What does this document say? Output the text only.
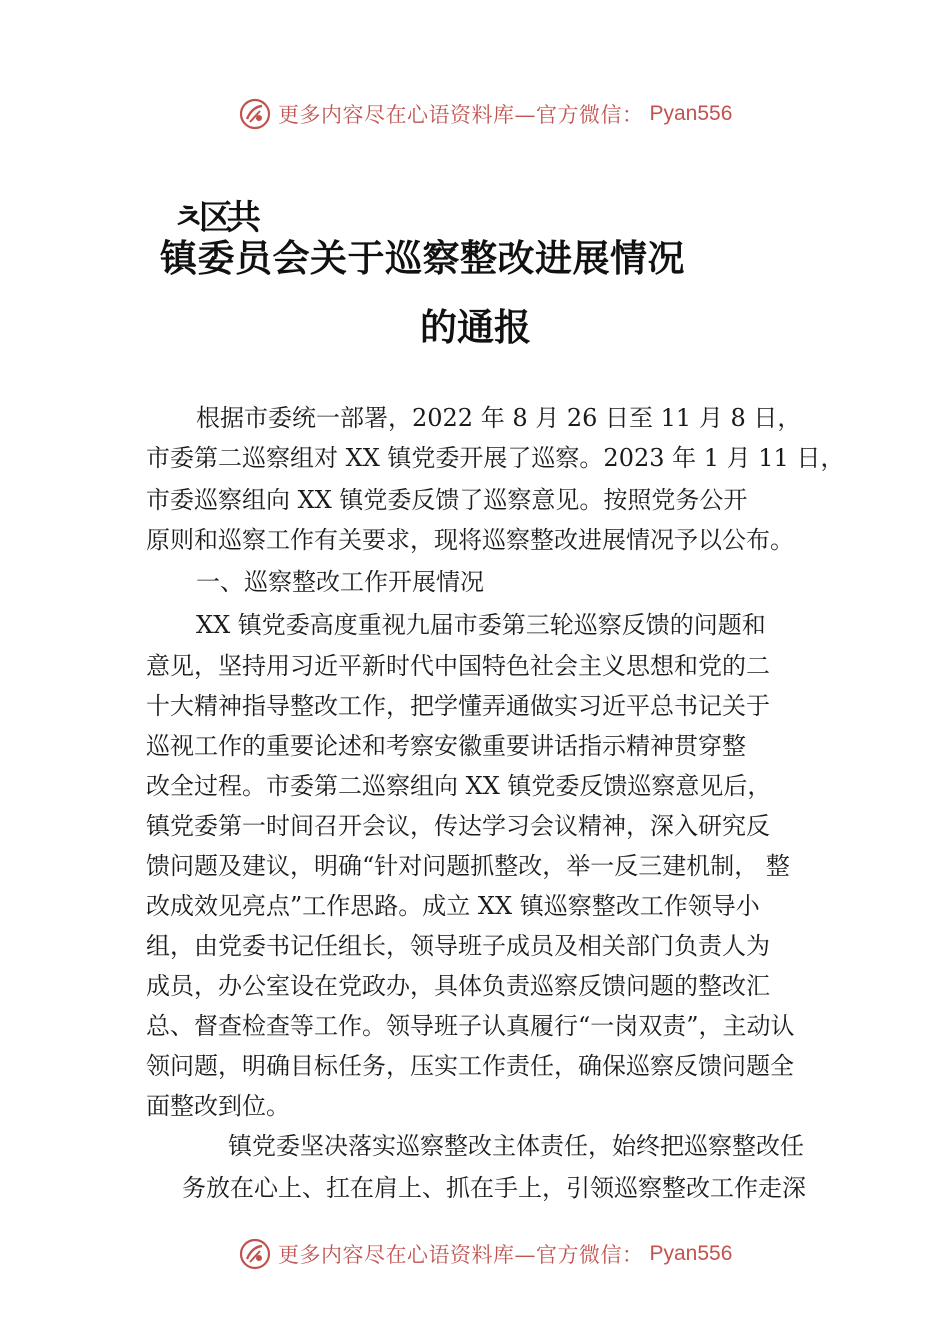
更多内容尽在心语资料库—官方微信： Pyan556
ㅊ区共
镇委员会关于巡察整改进展情况
的通报
根据市委统一部署，2022 年 8 月 26 日至 11 月 8 日，
市委第二巡察组对 XX 镇党委开展了巡察。2023 年 1 月 11 日，
市委巡察组向 XX 镇党委反馈了巡察意见。按照党务公开
原则和巡察工作有关要求，现将巡察整改进展情况予以公布。
一、巡察整改工作开展情况
XX 镇党委高度重视九届市委第三轮巡察反馈的问题和
意见，坚持用习近平新时代中国特色社会主义思想和党的二
十大精神指导整改工作，把学懂弄通做实习近平总书记关于
巡视工作的重要论述和考察安徽重要讲话指示精神贯穿整
改全过程。市委第二巡察组向 XX 镇党委反馈巡察意见后，
镇党委第一时间召开会议，传达学习会议精神，深入研究反
馈问题及建议，明确“针对问题抓整改，举一反三建机制， 整
改成效见亮点”工作思路。成立 XX 镇巡察整改工作领导小
组，由党委书记任组长，领导班子成员及相关部门负责人为
成员，办公室设在党政办，具体负责巡察反馈问题的整改汇
总、督查检查等工作。领导班子认真履行“一岗双责”，主动认
领问题，明确目标任务，压实工作责任，确保巡察反馈问题全
面整改到位。
镇党委坚决落实巡察整改主体责任，始终把巡察整改任
务放在心上、扛在肩上、抓在手上，引领巡察整改工作走深
更多内容尽在心语资料库—官方微信： Pyan556
